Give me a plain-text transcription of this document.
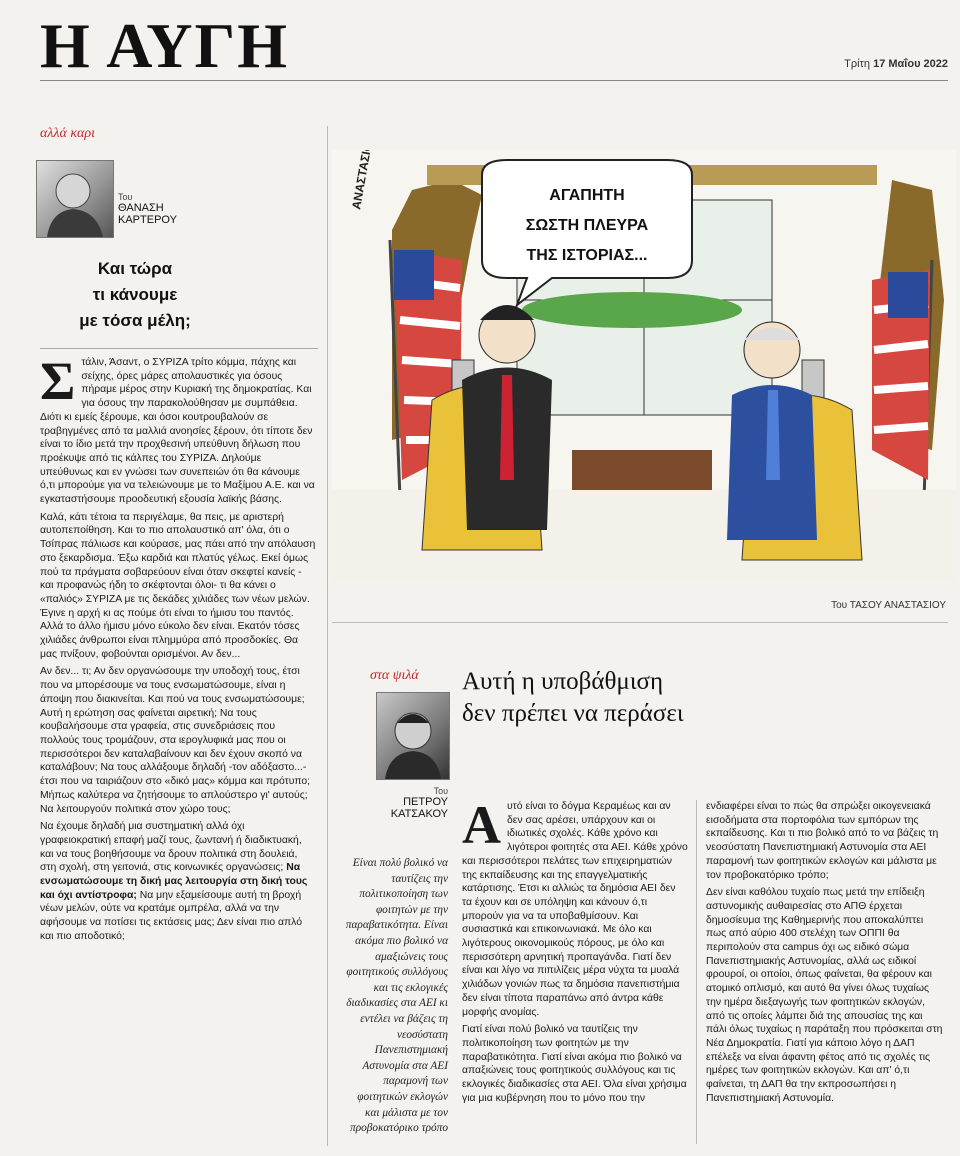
Η ΑΥΓΗ	Τρίτη 17 Μαΐου 2022
αλλά καρι
Του
ΘΑΝΑΣΗ
ΚΑΡΤΕΡΟΥ
Και τώρα
τι κάνουμε
με τόσα μέλη;

Στάλιν, Άσαντ, ο ΣΥΡΙΖΑ τρίτο κόμμα, πάχης και σείχης, όρες μάρες απολαυστικές για όσους πήραμε μέρος στην Κυριακή της δημοκρατίας. Και για όσους την παρακολούθησαν με συμπάθεια. Διότι κι εμείς ξέρουμε, και όσοι κουτρουβαλούν σε τραβηγμένες από τα μαλλιά ανοησίες ξέρουν, ότι τίποτε δεν είναι το ίδιο μετά την προχθεσινή υπεύθυνη δήλωση που προέκυψε από τις κάλπες του ΣΥΡΙΖΑ. Δηλούμε υπεύθυνως και εν γνώσει των συνεπειών ότι θα κάνουμε ό,τι μπορούμε για να τελειώνουμε με το Μαξίμου Α.Ε. και να εγκαταστήσουμε προοδευτική εξουσία λαϊκής βάσης.

Καλά, κάτι τέτοια τα περιγέλαμε, θα πεις, με αριστερή αυτοπεποίθηση. Και το πιο απολαυστικό απ' όλα, ότι ο Τσίπρας πάλιωσε και κούρασε, μας πάει από την απόλαυση στο ξεκαρδισμα. Έξω καρδιά και πλατύς γέλως. Εκεί όμως πού τα πράγματα σοβαρεύουν είναι όταν σκεφτεί κανείς - και προφανώς ήδη το σκέφτονται όλοι- τι θα κάνει ο «παλιός» ΣΥΡΙΖΑ με τις δεκάδες χιλιάδες των νέων μελών. Έγινε η αρχή κι ας πούμε ότι είναι το ήμισυ του παντός. Αλλά το άλλο ήμισυ μόνο εύκολο δεν είναι. Εκατόν τόσες χιλιάδες άνθρωποι είναι πλημμύρα από προσδοκίες. Θα μας πνίξουν, φοβούνται ορισμένοι. Αν δεν...

Αν δεν... τι; Αν δεν οργανώσουμε την υποδοχή τους, έτσι που να μπορέσουμε να τους ενσωματώσουμε, είναι η άποψη που διακινείται. Και πού να τους ενσωματώσουμε; Αυτή η ερώτηση σας φαίνεται αιρετική; Να τους κουβαλήσουμε στα γραφεία, στις συνεδριάσεις που πολλούς τους τρομάζουν, στα ιερογλυφικά μας που οι περισσότεροι δεν καταλαβαίνουν και δεν έχουν σκοπό να καταλάβουν; Να τους αλλάξουμε δηλαδή -τον αδόξαστο...- έτσι που να ταιριάζουν στο «δικό μας» κόμμα και πρότυπο; Μήπως καλύτερα να ζητήσουμε το απλούστερο γι' αυτούς; Να λειτουργούν πολιτικά στον χώρο τους;

Να έχουμε δηλαδή μια συστηματική αλλά όχι γραφειοκρατική επαφή μαζί τους, ζωντανή ή διαδικτυακή, και να τους βοηθήσουμε να δρουν πολιτικά στη δουλειά, στη σχολή, στη γειτονιά, στις κοινωνικές οργανώσεις; Να ενσωματώσουμε τη δική μας λειτουργία στη δική τους και όχι αντίστροφα; Να μην εξαμείσουμε αυτή τη βροχή νέων μελών, ούτε να κρατάμε ομπρέλα, αλλά να την αφήσουμε να ποτίσει τις εκτάσεις μας; Δεν είναι πιο απλό και πιο αποδοτικό;

ΑΝΑΣΤΑΣΙΟΥ	ΑΓΑΠΗΤΗ
ΣΩΣΤΗ ΠΛΕΥΡΑ
ΤΗΣ ΙΣΤΟΡΙΑΣ...
Του ΤΑΣΟΥ ΑΝΑΣΤΑΣΙΟΥ
στα ψιλά Αυτή η υποβάθμιση
δεν πρέπει να περάσει
Του
ΠΕΤΡΟΥ
ΚΑΤΣΑΚΟΥ
Είναι πολύ βολικό να ταυτίζεις την πολιτικοποίηση των φοιτητών με την παραβατικότητα. Είναι ακόμα πιο βολικό να αμαξιώνεις τους φοιτητικούς συλλόγους και τις εκλογικές διαδικασίες στα ΑΕΙ κι εντέλει να βάζεις τη νεοσύστατη Πανεπιστημιακή Αστυνομία στα ΑΕΙ παραμονή των φοιτητικών εκλογών και μάλιστα με τον προβοκατόρικο τρόπο

Αυτό είναι το δόγμα Κεραμέως και αν δεν σας αρέσει, υπάρχουν και οι ιδιωτικές σχολές. Κάθε χρόνο και λιγότεροι φοιτητές στα ΑΕΙ. Κάθε χρόνο και περισσότεροι πελάτες των επιχειρηματιών της εκπαίδευσης και της επαγγελματικής κατάρτισης. Έτσι κι αλλιώς τα δημόσια ΑΕΙ δεν τα έχουν και σε υπόληψη και κάνουν ό,τι μπορούν για να τα υποβαθμίσουν. Και συσιαστικά και επικοινωνιακά. Με όλο και λιγότερους οικονομικούς πόρους, με όλο και περισσότερη αρνητική προπαγάνδα. Γιατί δεν είναι και λίγο να πιπιλίζεις μέρα νύχτα τα μυαλά χιλιάδων γονιών πως τα δημόσια πανεπιστήμια δεν είναι τίποτα παραπάνω από άντρα κάθε μορφής ανομίας.

Γιατί είναι πολύ βολικό να ταυτίζεις την πολιτικοποίηση των φοιτητών με την παραβατικότητα. Γιατί είναι ακόμα πιο βολικό να απαξιώνεις τους φοιτητικούς συλλόγους και τις εκλογικές διαδικασίες στα ΑΕΙ. Όλα είναι χρήσιμα για μια κυβέρνηση που το μόνο που την

ενδιαφέρει είναι το πώς θα σπρώξει οικογενειακά εισοδήματα στα πορτοφόλια των εμπόρων της εκπαίδευσης. Και τι πιο βολικό από το να βάζεις τη νεοσύστατη Πανεπιστημιακή Αστυνομία στα ΑΕΙ παραμονή των φοιτητικών εκλογών και μάλιστα με τον προβοκατόρικο τρόπο;

Δεν είναι καθόλου τυχαίο πως μετά την επίδειξη αστυνομικής αυθαιρεσίας στο ΑΠΘ έρχεται δημοσίευμα της Καθημερινής που αποκαλύπτει πως από αύριο 400 στελέχη των ΟΠΠΙ θα περιπολούν στα campus όχι ως ειδικό σώμα Πανεπιστημιακής Αστυνομίας, αλλά ως ειδικοί φρουροί, οι οποίοι, όπως φαίνεται, θα φέρουν και ατομικό οπλισμό, και αυτό θα γίνει όλως τυχαίως την ημέρα διεξαγωγής των φοιτητικών εκλογών, από τις οποίες λάμπει διά της απουσίας της και πάλι όλως τυχαίως η παράταξη που πρόσκειται στη Νέα Δημοκρατία. Γιατί για κάποιο λόγο η ΔΑΠ επέλεξε να είναι άφαντη φέτος από τις σχολές τις ημέρες των φοιτητικών εκλογών. Και απ' ό,τι φαίνεται, τη ΔΑΠ θα την εκπροσωπήσει η Πανεπιστημιακή Αστυνομία.
